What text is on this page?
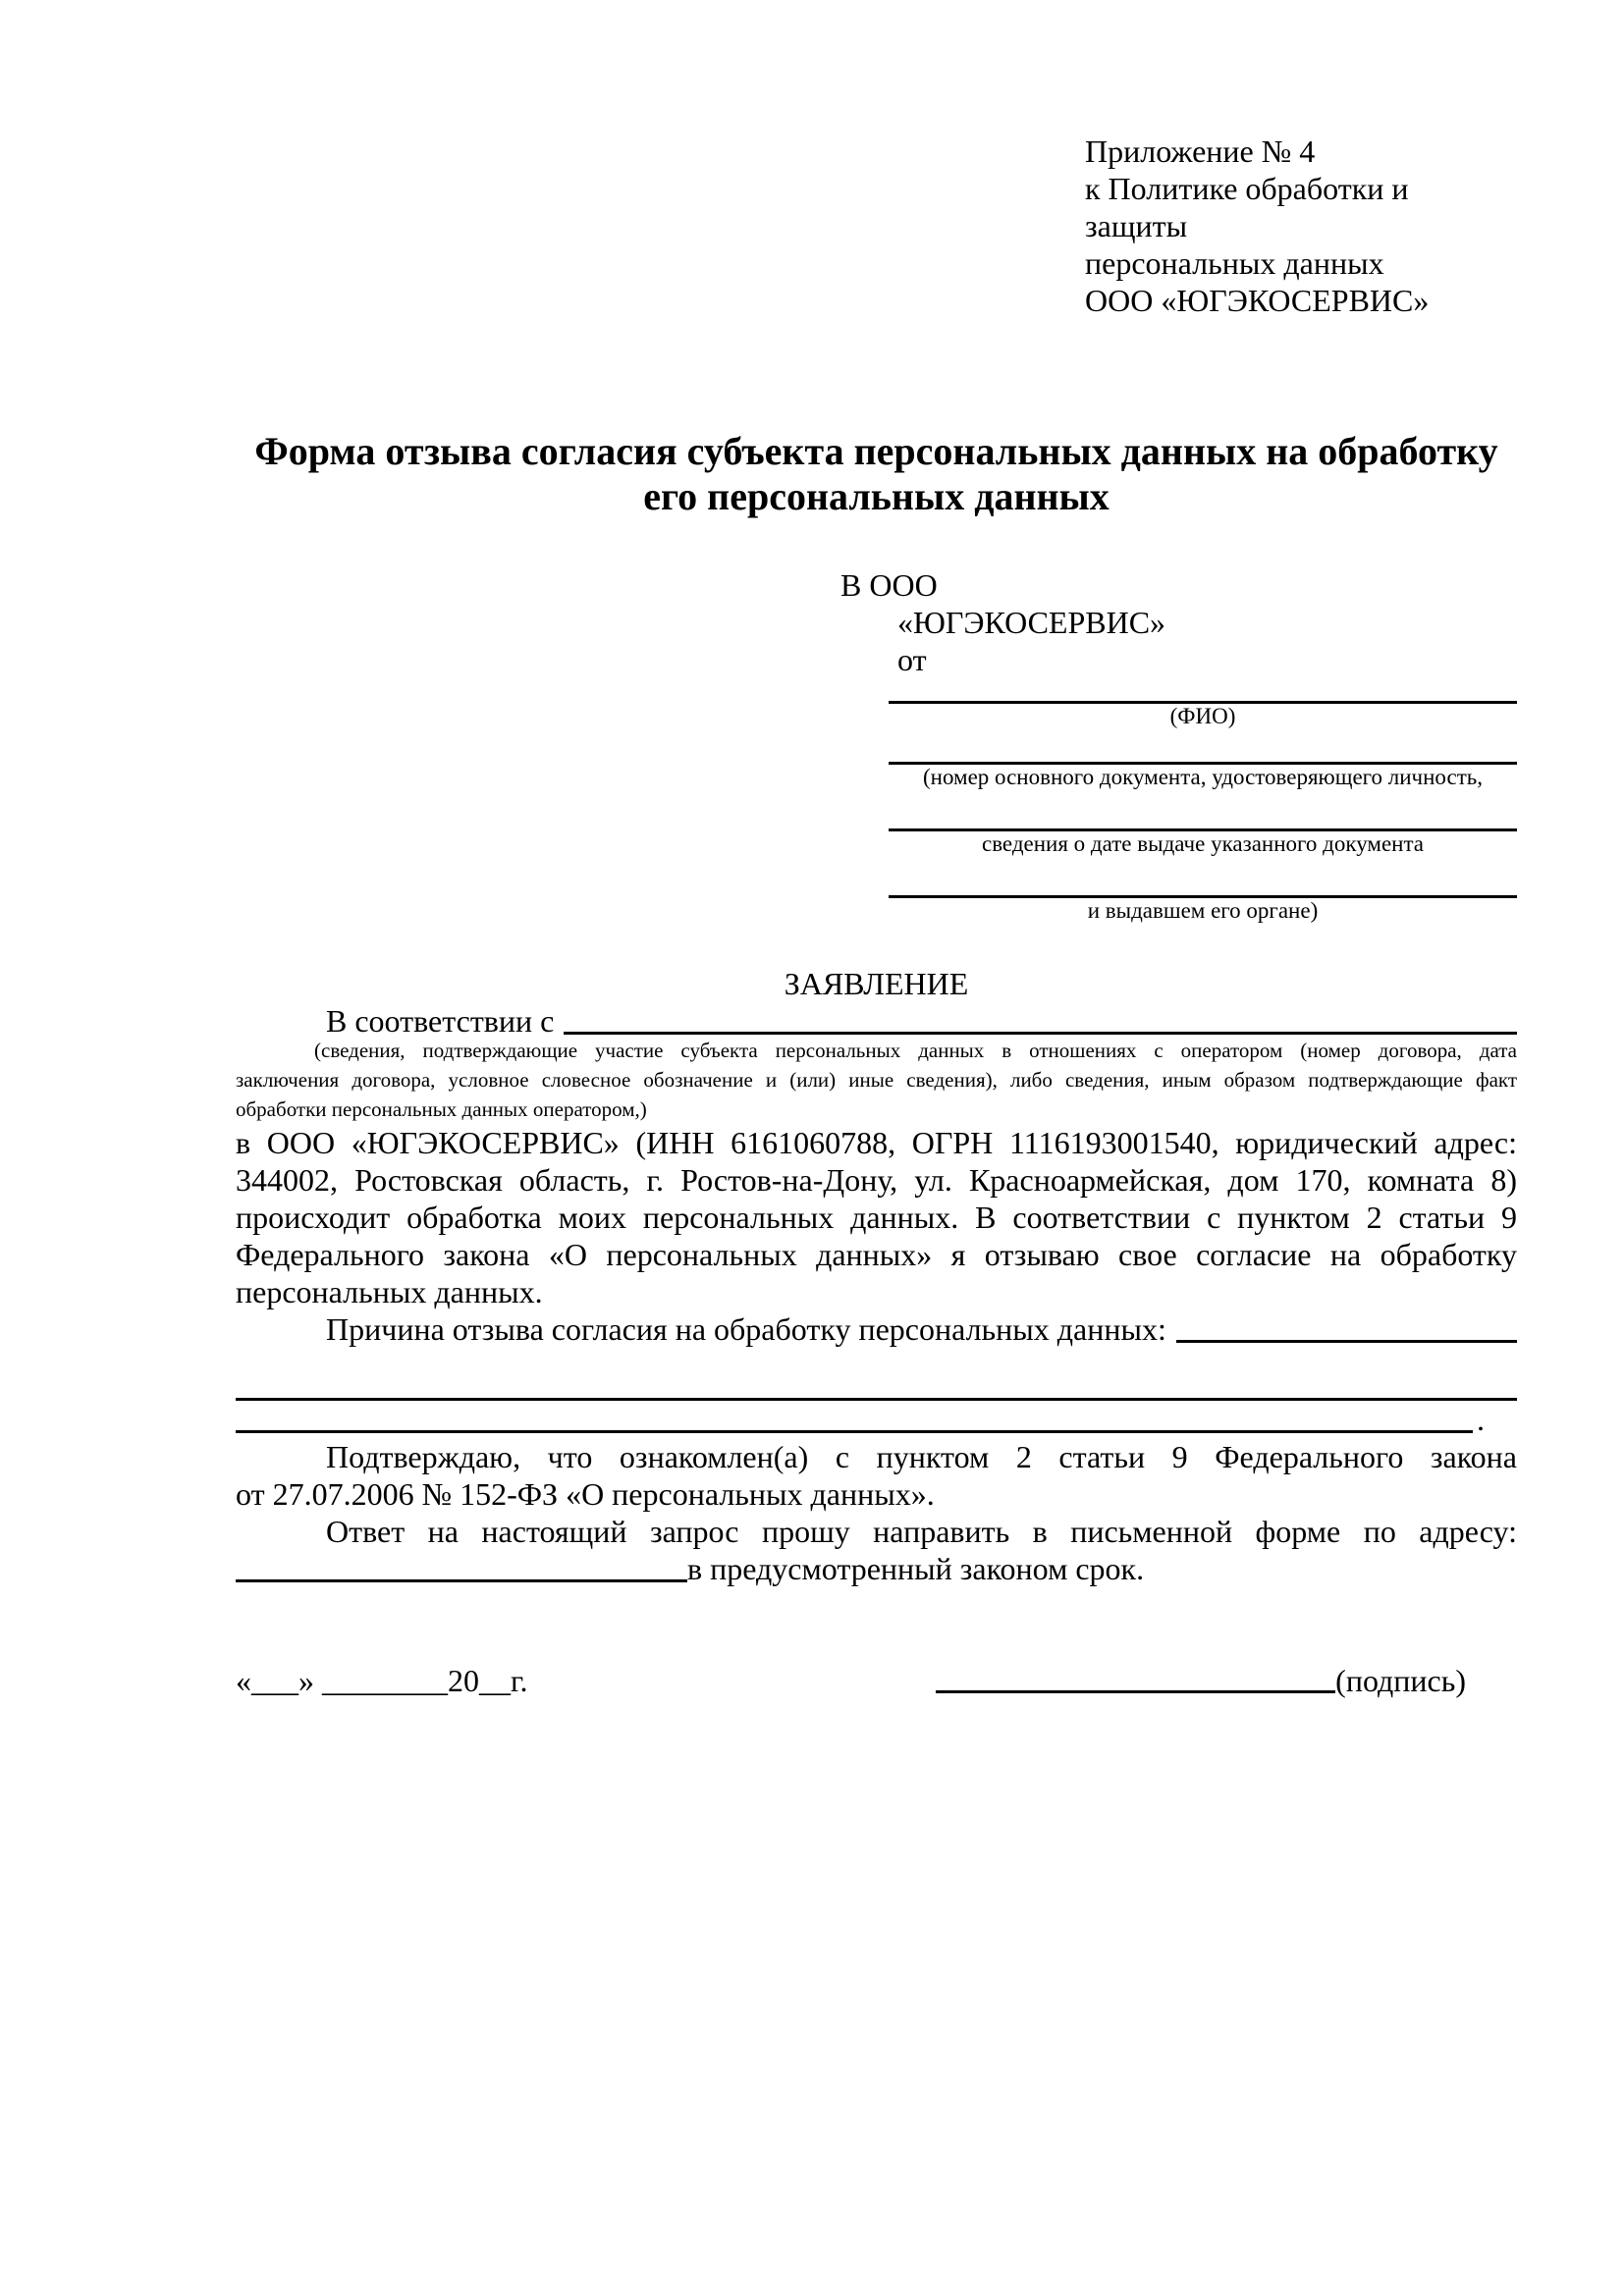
Приложение № 4
к Политике обработки и защиты
персональных данных
ООО «ЮГЭКОСЕРВИС»
Форма отзыва согласия субъекта персональных данных на обработку его персональных данных
В ООО
«ЮГЭКОСЕРВИС»
от
(ФИО)
(номер основного документа, удостоверяющего личность,
сведения о дате выдаче указанного документа
и выдавшем его органе)
ЗАЯВЛЕНИЕ
В соответствии с
(сведения, подтверждающие участие субъекта персональных данных в отношениях с оператором (номер договора, дата
заключения договора, условное словесное обозначение и (или) иные сведения), либо сведения, иным образом подтверждающие факт
обработки персональных данных оператором,)
в ООО «ЮГЭКОСЕРВИС» (ИНН 6161060788, ОГРН 1116193001540, юридический адрес:
344002, Ростовская область, г. Ростов-на-Дону, ул. Красноармейская, дом 170, комната 8)
происходит обработка моих персональных данных. В соответствии с пунктом 2 статьи 9
Федерального закона «О персональных данных» я отзываю свое согласие на обработку
персональных данных.
Причина отзыва согласия на обработку персональных данных:
.
Подтверждаю, что ознакомлен(а) с пунктом 2 статьи 9 Федерального закона
от 27.07.2006 № 152-ФЗ «О персональных данных».
Ответ на настоящий запрос прошу направить в письменной форме по адресу:
в предусмотренный законом срок.
«___» ________20__г.	(подпись)
